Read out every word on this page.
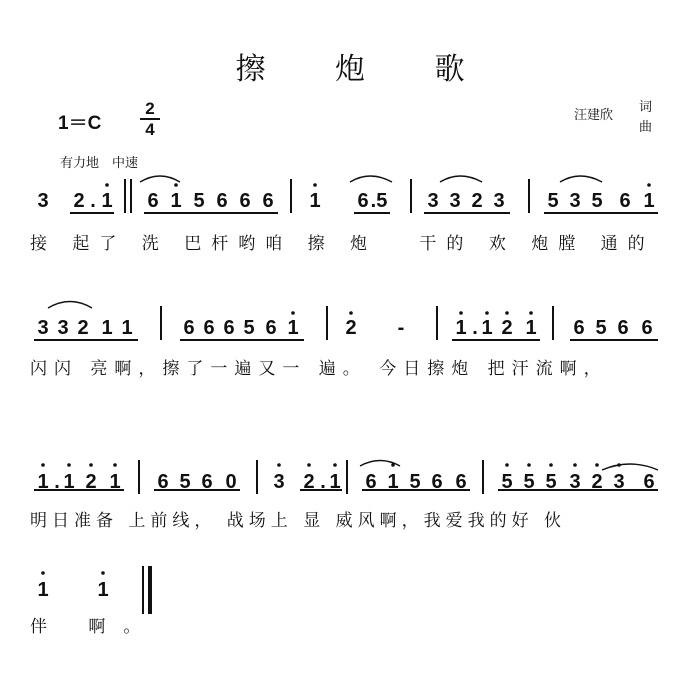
擦 炮 歌
1＝C
2
4
汪建欣
词
曲
有力地　中速
3 2 . 1 6 1 5 6 6 6 1 6 .5 3 3 2 3 5 3 5 6 1
接 起了 洗 巴杆哟咱 擦 炮　 干的 欢 炮膛 通的
3 3 2 1 1	6 6 6 5 6 1 2 -	1 . 1 2 1 6 5 6 6
闪闪 亮啊，擦了一遍又一 遍。 今日擦炮 把汗流啊，
1 . 1 2 1 6 5 6 0 3 2 . 1 6 1 5 6 6 5 5 5 3 2 3 6
明日准备 上前线， 战场上 显 威风啊，我爱我的好 伙
1 1
伴 啊。
